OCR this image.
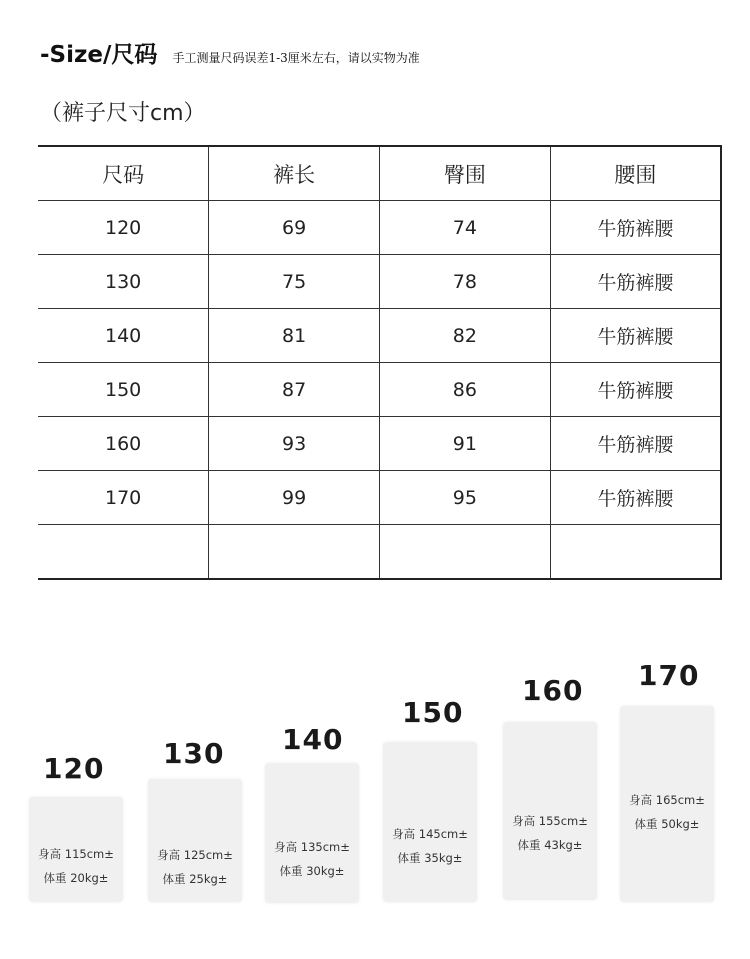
-Size/尺码 手工测量尺码误差1-3厘米左右，请以实物为准
（裤子尺寸cm）
尺码	裤长	臀围	腰围
120	69	74	牛筋裤腰
130	75	78	牛筋裤腰
140	81	82	牛筋裤腰
150	87	86	牛筋裤腰
160	93	91	牛筋裤腰
170	99	95	牛筋裤腰

120
身高 115cm±
体重 20kg±
130
身高 125cm±
体重 25kg±
140
身高 135cm±
体重 30kg±
150
身高 145cm±
体重 35kg±
160
身高 155cm±
体重 43kg±
170
身高 165cm±
体重 50kg±
